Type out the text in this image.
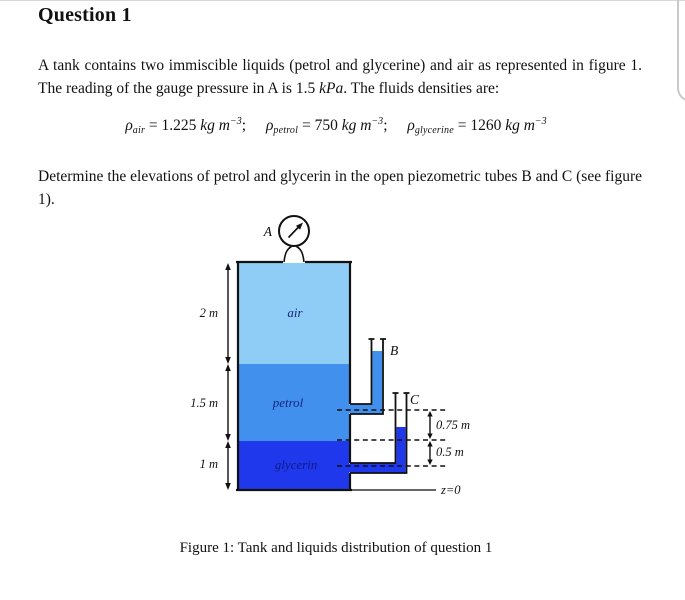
Question 1

A tank contains two immiscible liquids (petrol and glycerine) and air as represented in figure 1. The reading of the gauge pressure in A is 1.5 kPa. The fluids densities are:

$\rho_{air} = 1.225$ kg $m^{-3}$; $\rho_{petrol} = 750$ kg $m^{-3}$; $\rho_{glycerine} = 1260$ kg $m^{-3}$

Determine the elevations of petrol and glycerin in the open piezometric tubes B and C (see figure 1).

A
B
C
2 m
1.5 m
1 m
0.75 m
0.5 m
z=0
air
petrol
glycerin
Figure 1: Tank and liquids distribution of question 1
